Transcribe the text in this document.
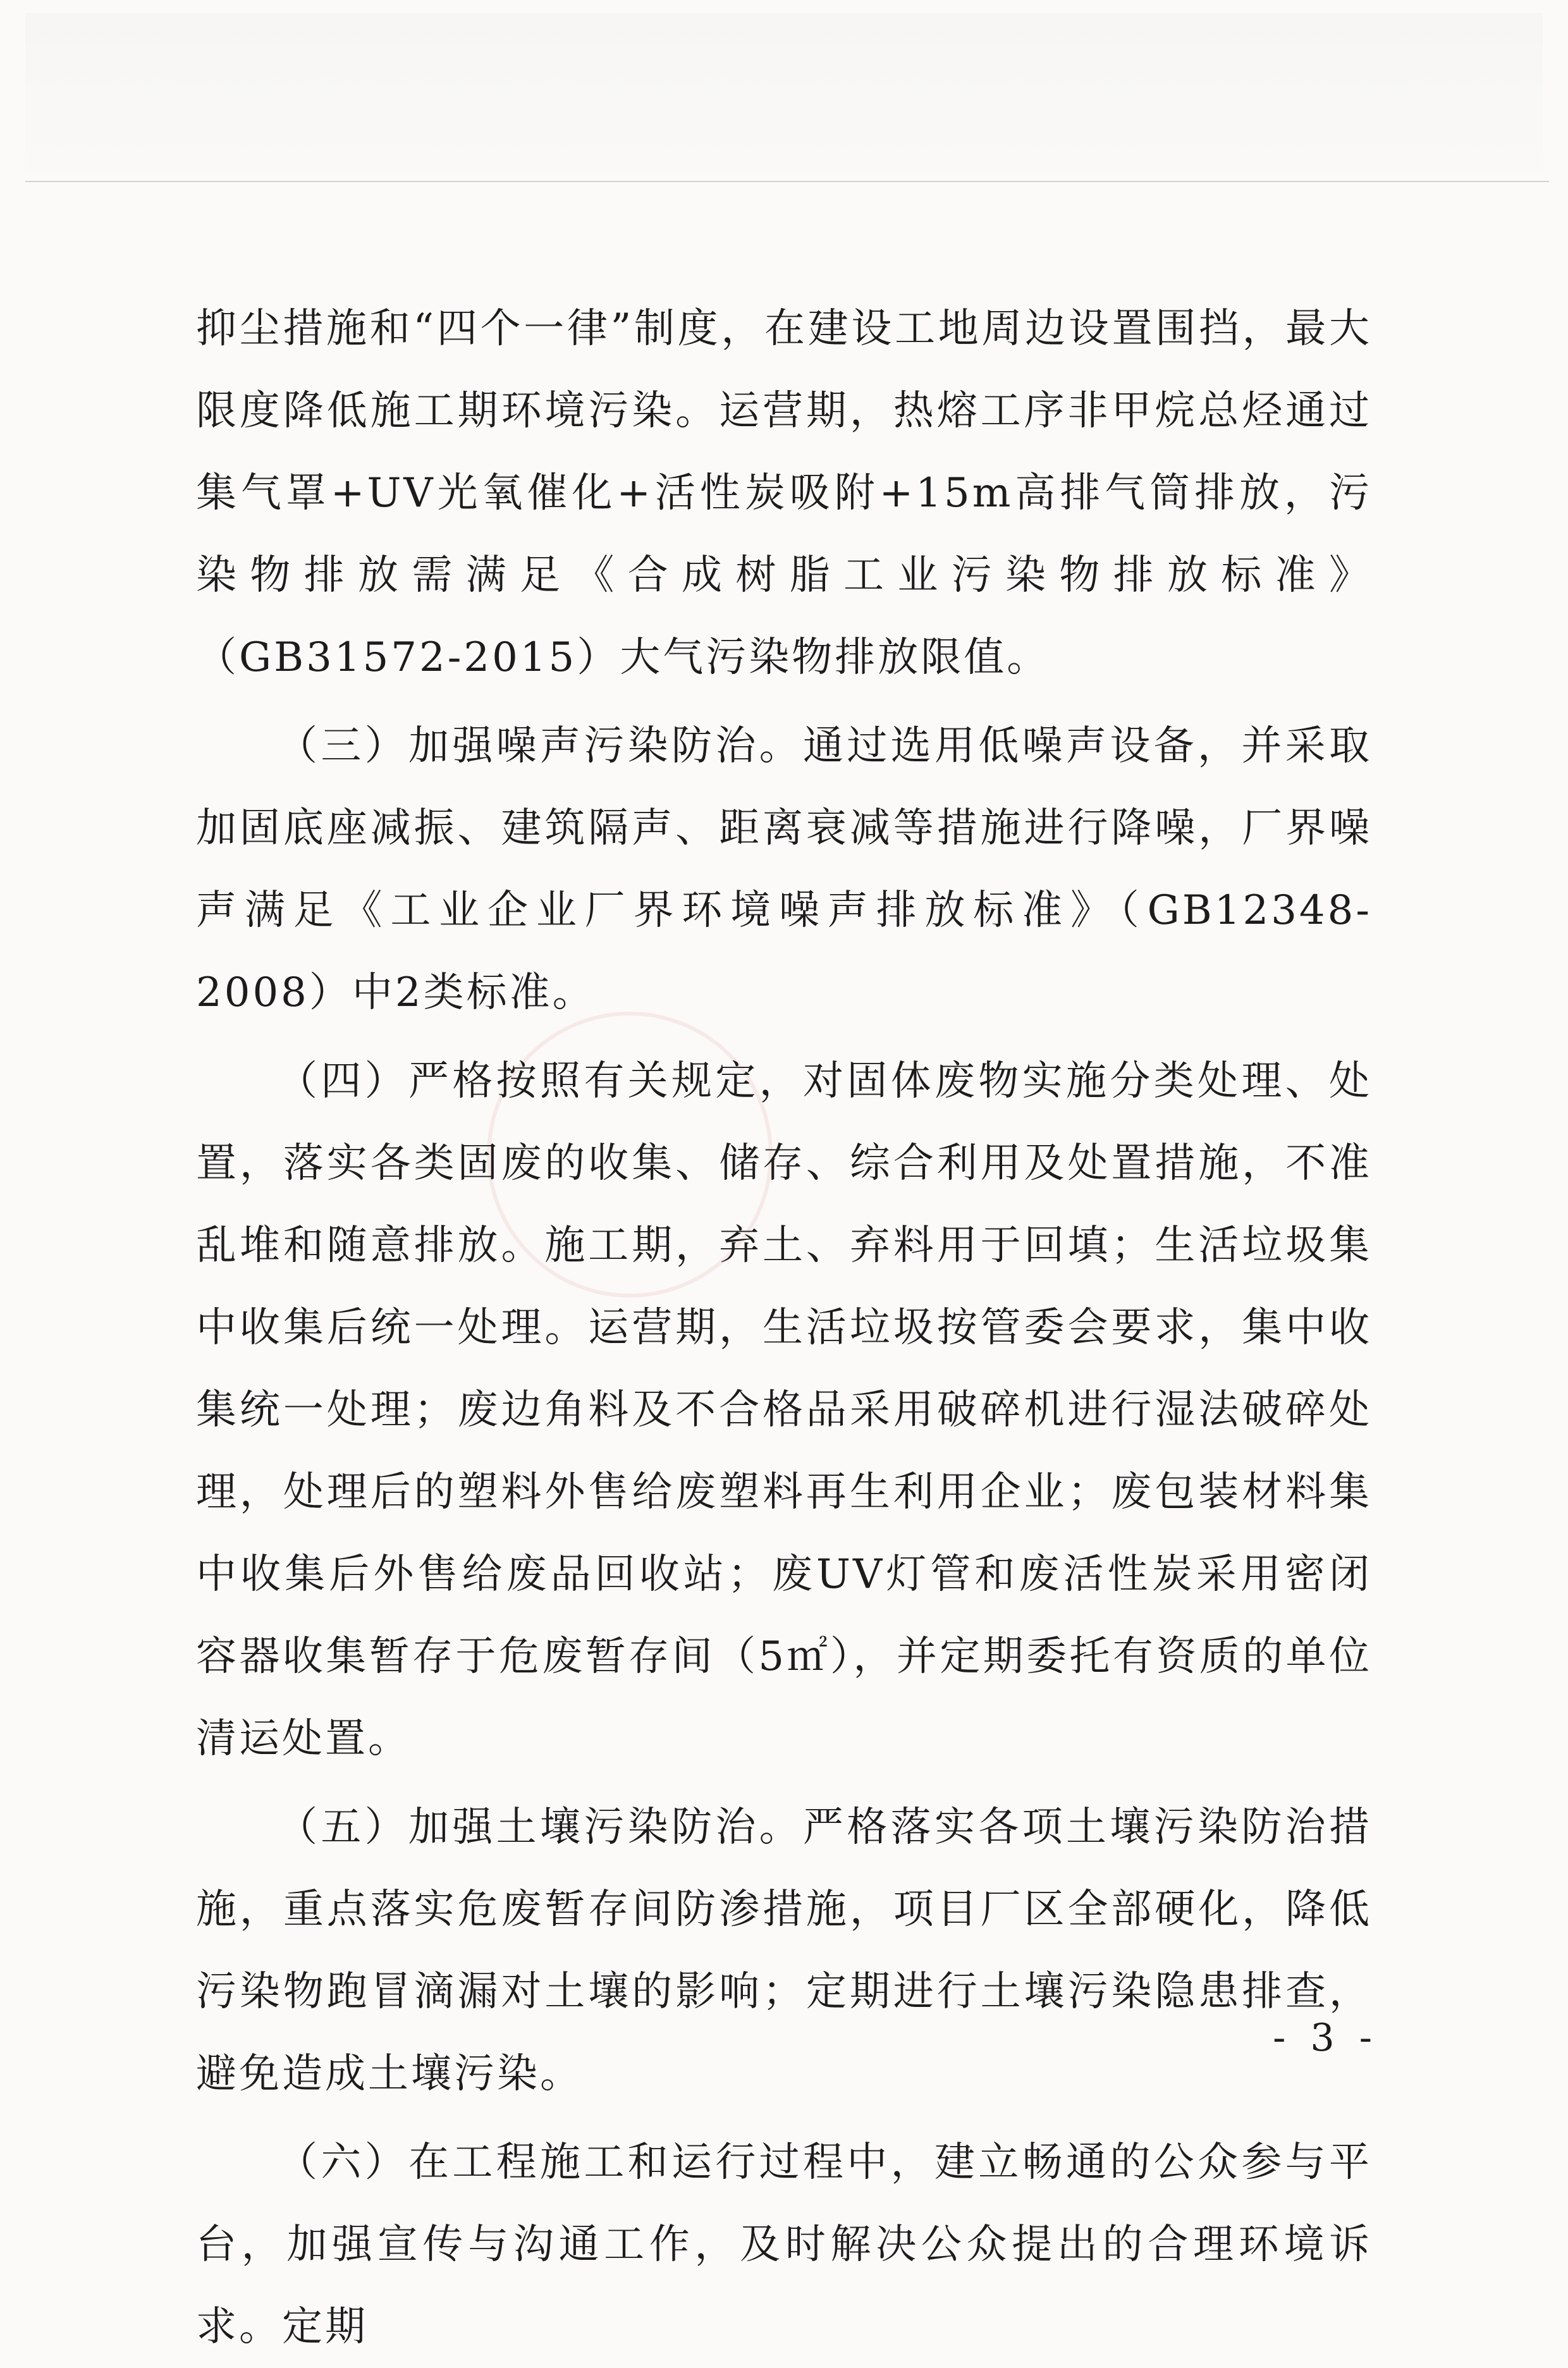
抑尘措施和“四个一律”制度，在建设工地周边设置围挡，最大限度降低施工期环境污染。运营期，热熔工序非甲烷总烃通过集气罩+UV光氧催化+活性炭吸附+15m高排气筒排放，污染物排放需满足《合成树脂工业污染物排放标准》（GB31572-2015）大气污染物排放限值。

（三）加强噪声污染防治。通过选用低噪声设备，并采取加固底座减振、建筑隔声、距离衰减等措施进行降噪，厂界噪声满足《工业企业厂界环境噪声排放标准》（GB12348-2008）中2类标准。

（四）严格按照有关规定，对固体废物实施分类处理、处置，落实各类固废的收集、储存、综合利用及处置措施，不准乱堆和随意排放。施工期，弃土、弃料用于回填；生活垃圾集中收集后统一处理。运营期，生活垃圾按管委会要求，集中收集统一处理；废边角料及不合格品采用破碎机进行湿法破碎处理，处理后的塑料外售给废塑料再生利用企业；废包装材料集中收集后外售给废品回收站；废UV灯管和废活性炭采用密闭容器收集暂存于危废暂存间（5㎡），并定期委托有资质的单位清运处置。

（五）加强土壤污染防治。严格落实各项土壤污染防治措施，重点落实危废暂存间防渗措施，项目厂区全部硬化，降低污染物跑冒滴漏对土壤的影响；定期进行土壤污染隐患排查，避免造成土壤污染。

（六）在工程施工和运行过程中，建立畅通的公众参与平台，加强宣传与沟通工作，及时解决公众提出的合理环境诉求。定期

- 3 -
